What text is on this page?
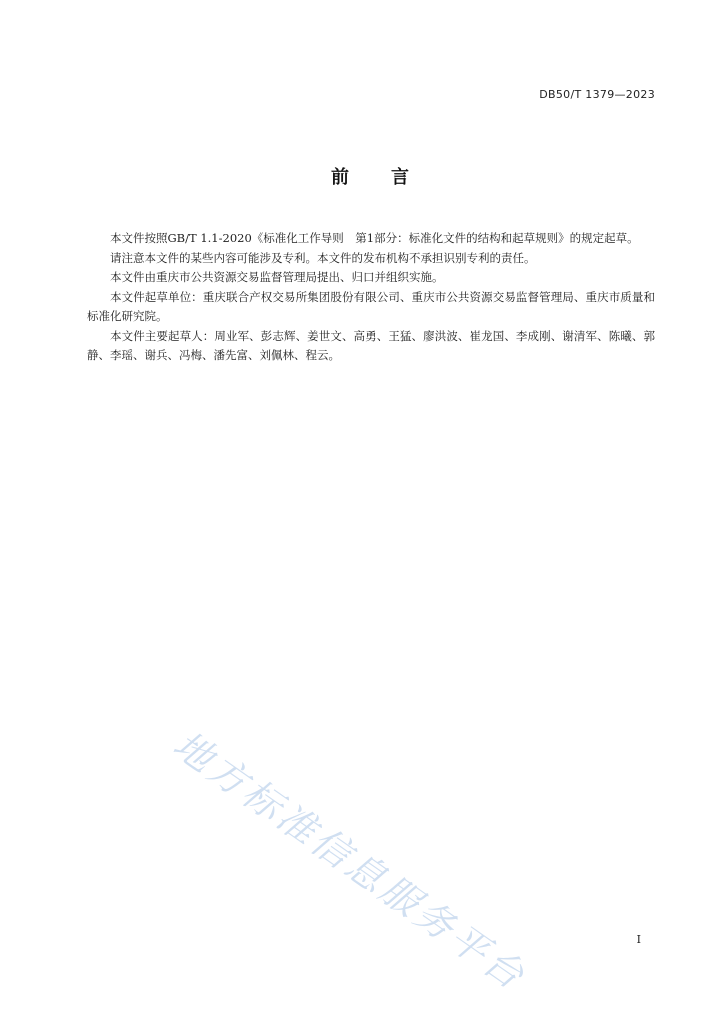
DB50/T 1379—2023
前 言

本文件按照GB/T 1.1-2020《标准化工作导则　第1部分：标准化文件的结构和起草规则》的规定起草。

请注意本文件的某些内容可能涉及专利。本文件的发布机构不承担识别专利的责任。

本文件由重庆市公共资源交易监督管理局提出、归口并组织实施。

本文件起草单位：重庆联合产权交易所集团股份有限公司、重庆市公共资源交易监督管理局、重庆市质量和标准化研究院。

本文件主要起草人：周业军、彭志辉、姜世文、高勇、王猛、廖洪波、崔龙国、李成刚、谢清军、陈曦、郭静、李瑶、谢兵、冯梅、潘先富、刘佩林、程云。

地方标准信息服务平台	I
